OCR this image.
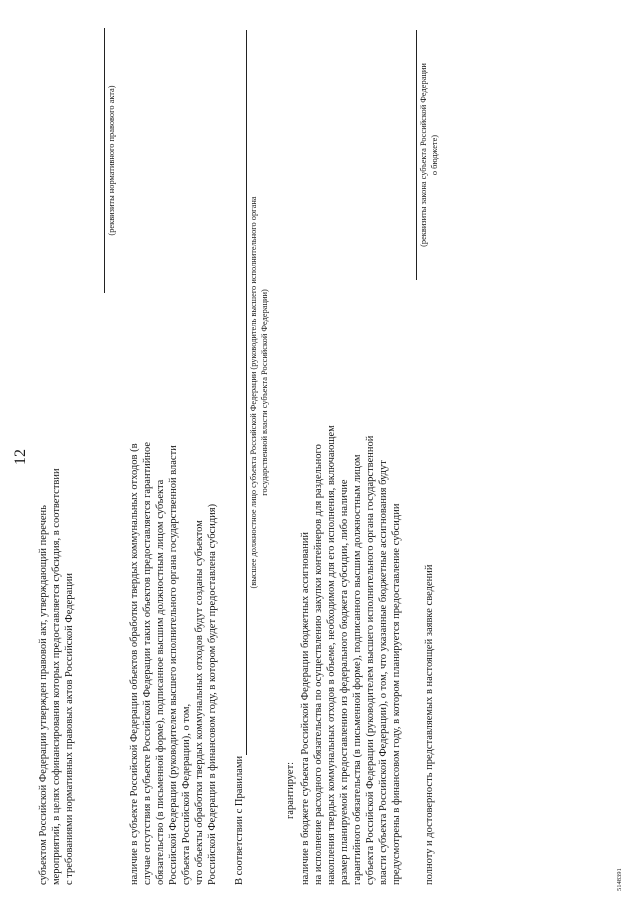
12
субъектом Российской Федерации утвержден правовой акт, утверждающий перечень мероприятий, в целях софинансирования которых предоставляется субсидия, в соответствии с требованиями нормативных правовых актов Российской Федерации
(реквизиты нормативного правового акта)
наличие в субъекте Российской Федерации объектов обработки твердых коммунальных отходов (в случае отсутствия в субъекте Российской Федерации таких объектов предоставляется гарантийное обязательство (в письменной форме), подписанное высшим должностным лицом субъекта Российской Федерации (руководителем высшего исполнительного органа государственной власти субъекта Российской Федерации), о том, что объекты обработки твердых коммунальных отходов будут созданы субъектом Российской Федерации в финансовом году, в котором будет предоставлена субсидия) В соответствии с Правилами
(высшее должностное лицо субъекта Российской Федерации (руководитель высшего исполнительного органа государственной власти субъекта Российской Федерации)
гарантирует: наличие в бюджете субъекта Российской Федерации бюджетных ассигнований на исполнение расходного обязательства по осуществлению закупки контейнеров для раздельного накопления твердых коммунальных отходов в объеме, необходимом для его исполнения, включающем размер планируемой к предоставлению из федерального бюджета субсидии, либо наличие гарантийного обязательства (в письменной форме), подписанного высшим должностным лицом субъекта Российской Федерации (руководителем высшего исполнительного органа государственной власти субъекта Российской Федерации), о том, что указанные бюджетные ассигнования будут предусмотрены в финансовом году, в котором планируется предоставление субсидии
(реквизиты закона субъекта Российской Федерации о бюджете)
полноту и достоверность представляемых в настоящей заявке сведений	5148391
